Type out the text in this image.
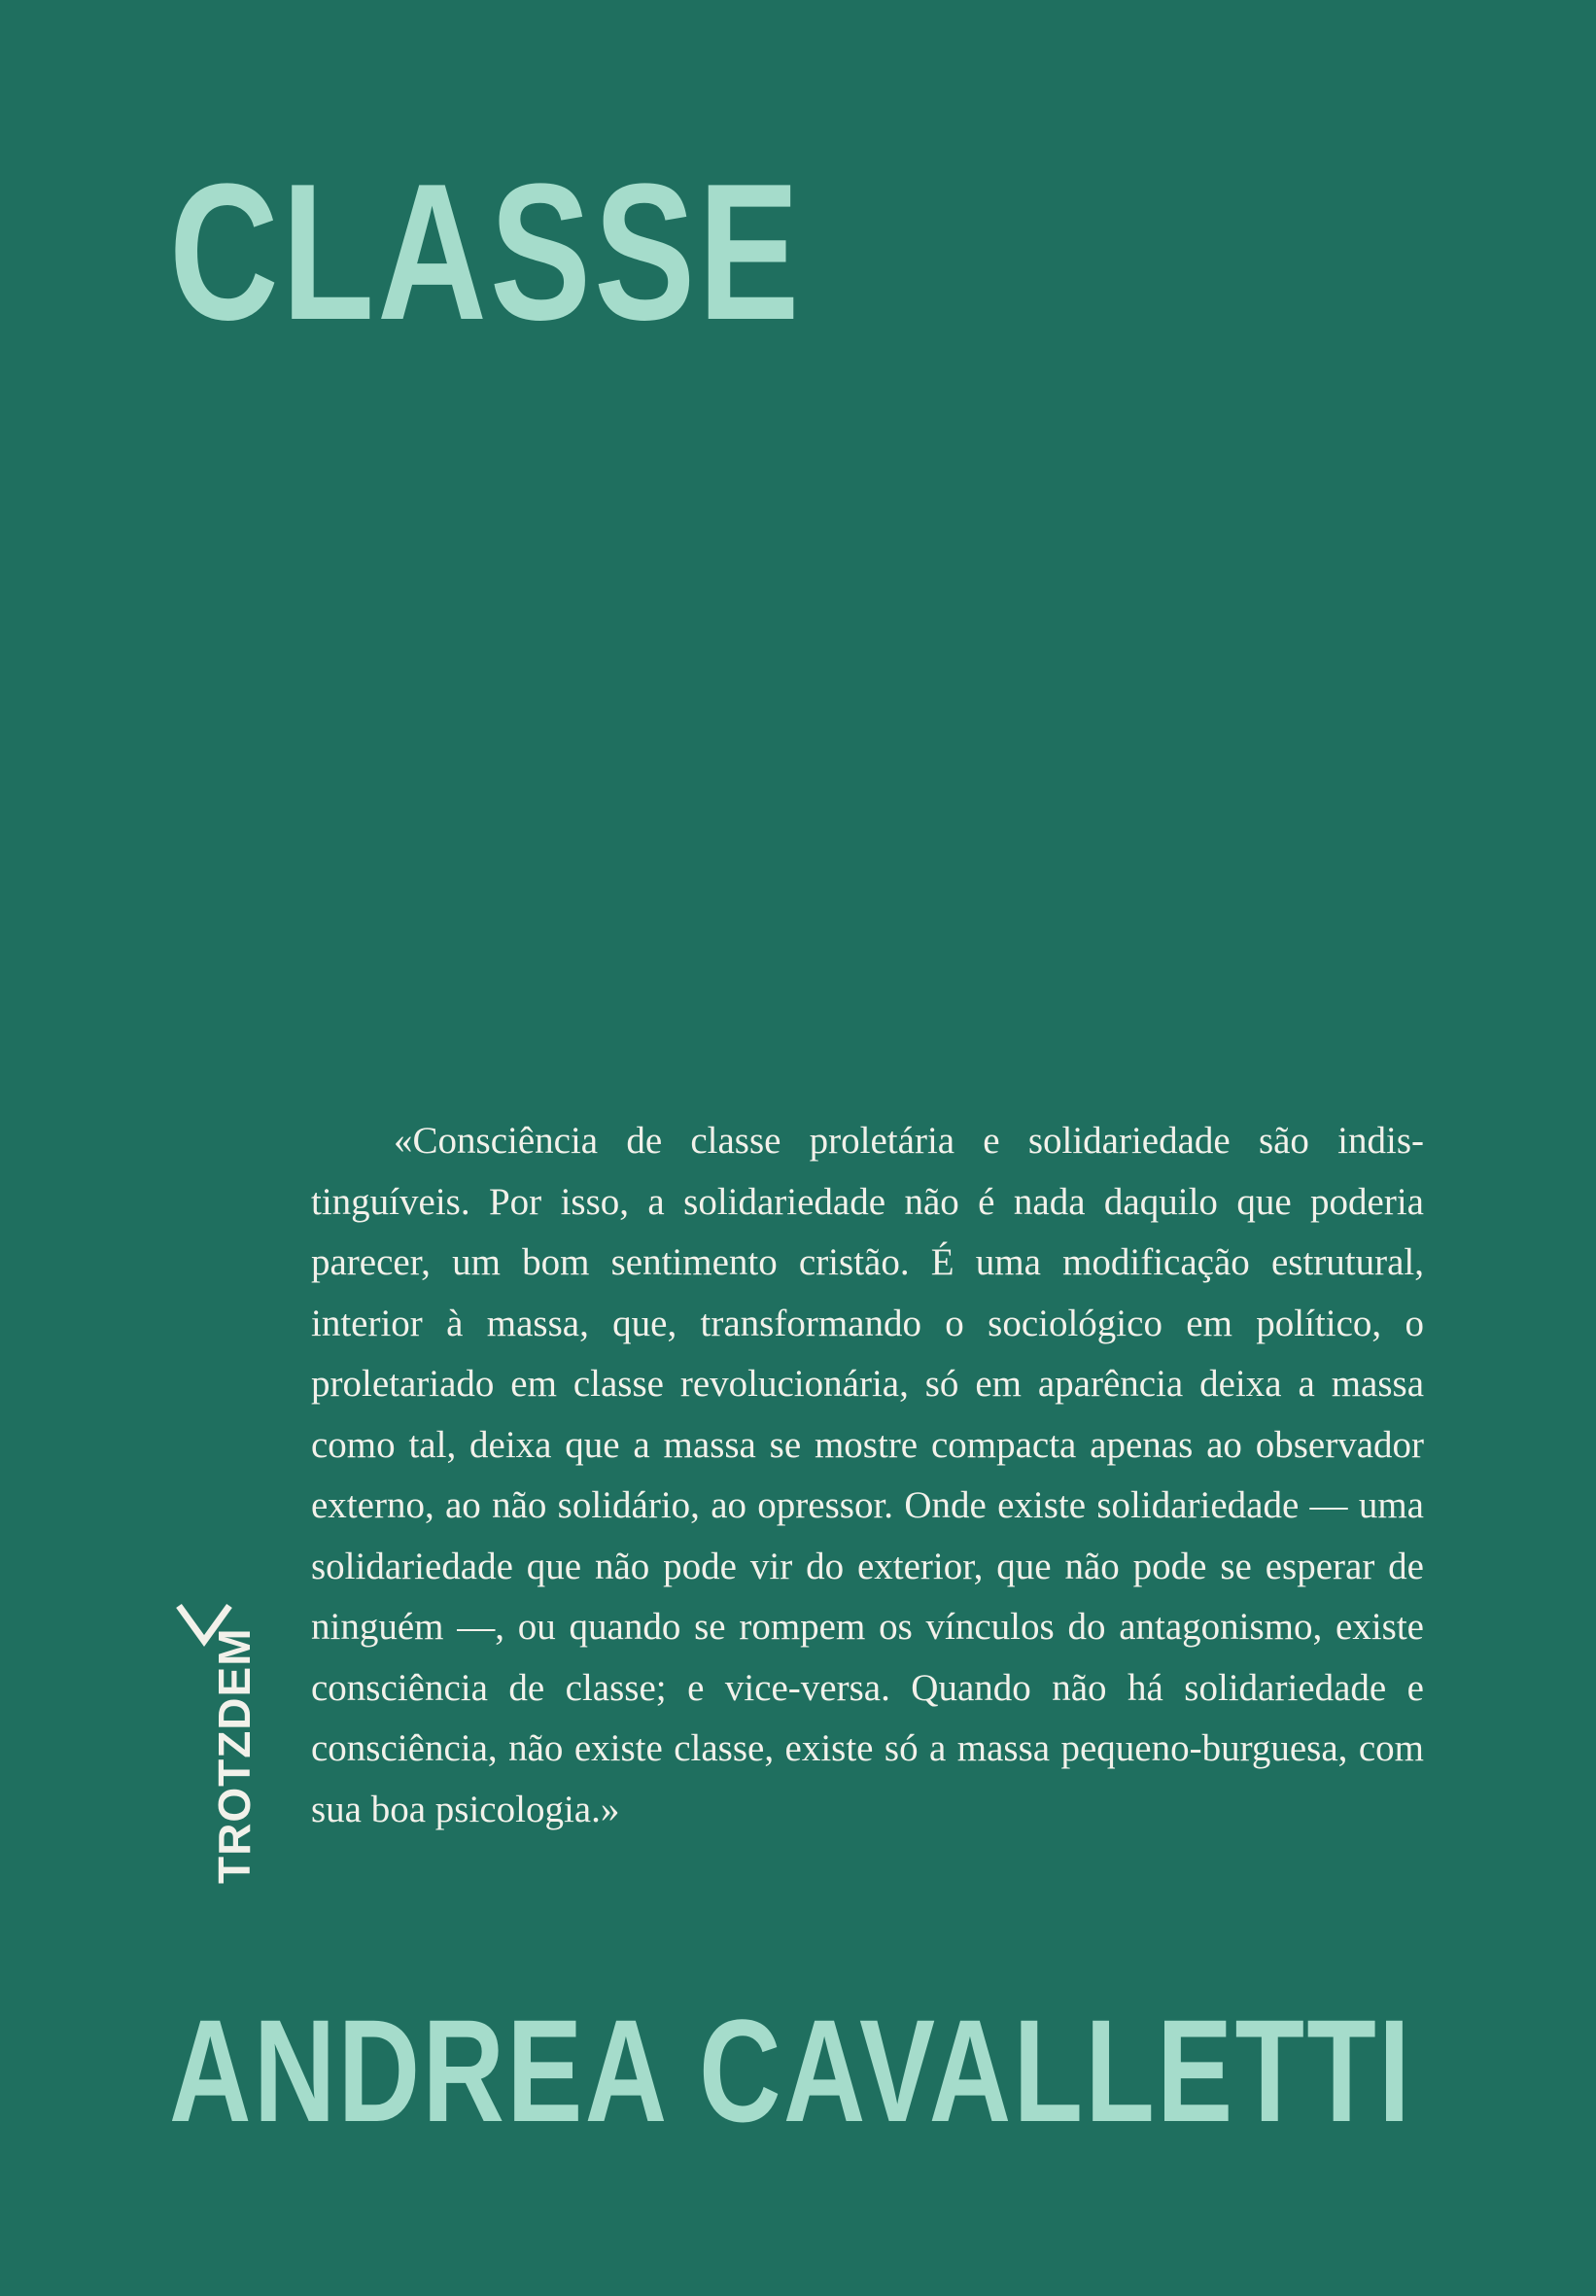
CLASSE

«Consciência de classe proletária e solidariedade são indistinguíveis. Por isso, a solidariedade não é nada daquilo que poderia parecer, um bom sentimento cristão. É uma modificação estrutural, interior à massa, que, transformando o sociológico em político, o proletariado em classe revolucionária, só em aparência deixa a massa como tal, deixa que a massa se mostre compacta apenas ao observador externo, ao não solidário, ao opressor. Onde existe solidariedade — uma solidariedade que não pode vir do exterior, que não pode se esperar de ninguém —, ou quando se rompem os vínculos do antagonismo, existe consciência de classe; e vice-versa. Quando não há solidariedade e consciência, não existe classe, existe só a massa pequeno-burguesa, com sua boa psicologia.»

TROTZDEM
ANDREA CAVALLETTI
